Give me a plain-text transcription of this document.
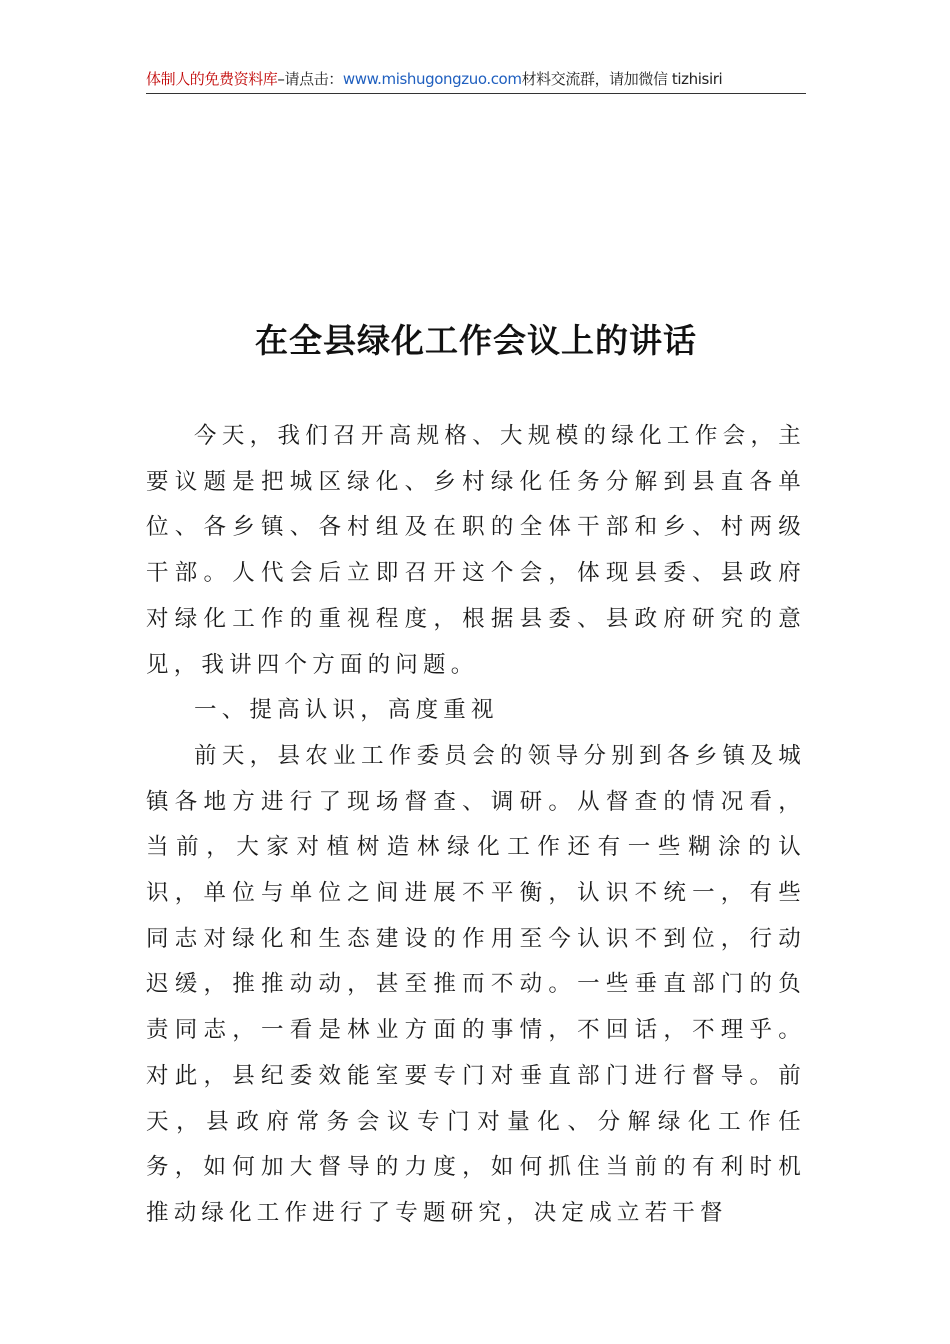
体制人的免费资料库–请点击：www.mishugongzuo.com材料交流群，请加微信 tizhisiri
在全县绿化工作会议上的讲话

今天，我们召开高规格、大规模的绿化工作会，主要议题是把城区绿化、乡村绿化任务分解到县直各单位、各乡镇、各村组及在职的全体干部和乡、村两级干部。人代会后立即召开这个会，体现县委、县政府对绿化工作的重视程度，根据县委、县政府研究的意见，我讲四个方面的问题。

一、提高认识，高度重视

前天，县农业工作委员会的领导分别到各乡镇及城镇各地方进行了现场督查、调研。从督查的情况看，当前，大家对植树造林绿化工作还有一些糊涂的认识，单位与单位之间进展不平衡，认识不统一，有些同志对绿化和生态建设的作用至今认识不到位，行动迟缓，推推动动，甚至推而不动。一些垂直部门的负责同志，一看是林业方面的事情，不回话，不理乎。对此，县纪委效能室要专门对垂直部门进行督导。前天，县政府常务会议专门对量化、分解绿化工作任务，如何加大督导的力度，如何抓住当前的有利时机推动绿化工作进行了专题研究，决定成立若干督
